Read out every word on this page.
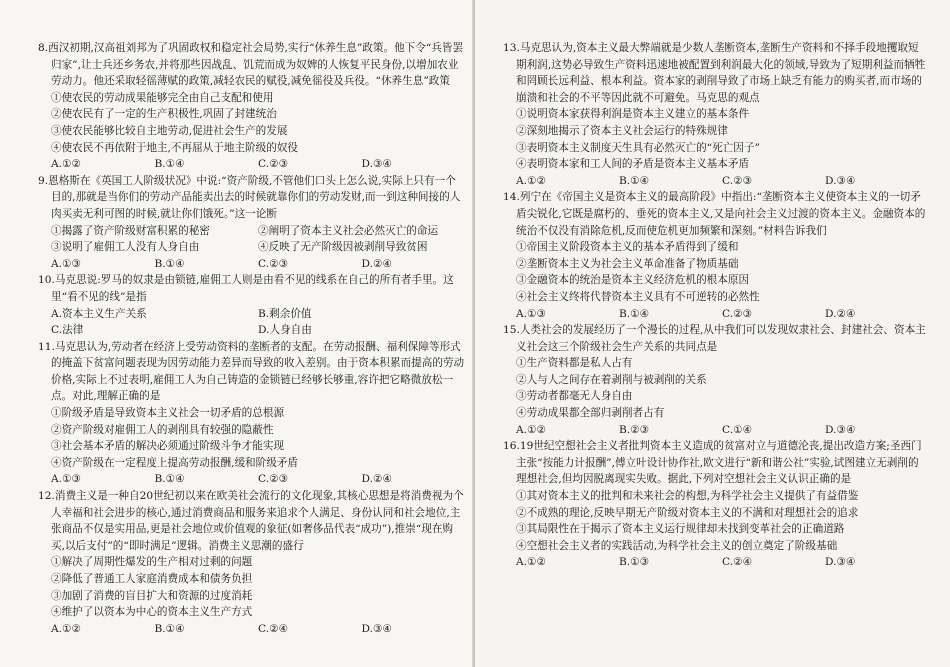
8.西汉初期,汉高祖刘邦为了巩固政权和稳定社会局势,实行“休养生息”政策。他下令“兵皆罢归家”,让士兵还乡务农,并将那些因战乱、饥荒而成为奴婢的人恢复平民身份,以增加农业劳动力。他还采取轻徭薄赋的政策,减轻农民的赋役,减免徭役及兵役。“休养生息”政策
①使农民的劳动成果能够完全由自己支配和使用
②使农民有了一定的生产积极性,巩固了封建统治
③使农民能够比较自主地劳动,促进社会生产的发展
④使农民不再依附于地主,不再屈从于地主阶级的奴役
A.①②	B.①④	C.②③	D.③④
9.恩格斯在《英国工人阶级状况》中说:“资产阶级,不管他们口头上怎么说,实际上只有一个目的,那就是当你们的劳动产品能卖出去的时候就靠你们的劳动发财,而一到这种间接的人肉买卖无利可图的时候,就让你们饿死。”这一论断
①揭露了资产阶级财富积累的秘密	②阐明了资本主义社会必然灭亡的命运
③说明了雇佣工人没有人身自由	④反映了无产阶级因被剥削导致贫困
A.①③	B.①④	C.②③	D.②④
10.马克思说:罗马的奴隶是由锁链,雇佣工人则是由看不见的线系在自己的所有者手里。这里“看不见的线”是指
A.资本主义生产关系	B.剩余价值
C.法律	D.人身自由
11.马克思认为,劳动者在经济上受劳动资料的垄断者的支配。在劳动报酬、福利保障等形式的掩盖下贫富问题表现为因劳动能力差异而导致的收入差别。由于资本积累而提高的劳动价格,实际上不过表明,雇佣工人为自己铸造的金锁链已经够长够重,容许把它略微放松一点。对此,理解正确的是
①阶级矛盾是导致资本主义社会一切矛盾的总根源
②资产阶级对雇佣工人的剥削具有较强的隐蔽性
③社会基本矛盾的解决必须通过阶级斗争才能实现
④资产阶级在一定程度上提高劳动报酬,缓和阶级矛盾
A.①③	B.①④	C.②③	D.②④
12.消费主义是一种自20世纪初以来在欧美社会流行的文化现象,其核心思想是将消费视为个人幸福和社会进步的核心,通过消费商品和服务来追求个人满足、身份认同和社会地位,主张商品不仅是实用品,更是社会地位或价值观的象征(如奢侈品代表“成功”),推崇“现在购买,以后支付”的“即时满足”逻辑。消费主义思潮的盛行
①解决了周期性爆发的生产相对过剩的问题
②降低了普通工人家庭消费成本和债务负担
③加剧了消费的盲目扩大和资源的过度消耗
④维护了以资本为中心的资本主义生产方式
A.①②	B.①④	C.②④	D.③④
13.马克思认为,资本主义最大弊端就是少数人垄断资本,垄断生产资料和不择手段地攫取短期利润,这势必导致生产资料迅速地被配置到利润最大化的领域,导致为了短期利益而牺牲和罔顾长远利益、根本利益。资本家的剥削导致了市场上缺乏有能力的购买者,而市场的崩溃和社会的不平等因此就不可避免。马克思的观点
①说明资本家获得利润是资本主义建立的基本条件
②深刻地揭示了资本主义社会运行的特殊规律
③表明资本主义制度天生具有必然灭亡的“死亡因子”
④表明资本家和工人间的矛盾是资本主义基本矛盾
A.①②	B.①④	C.②③	D.③④
14.列宁在《帝国主义是资本主义的最高阶段》中指出:“垄断资本主义使资本主义的一切矛盾尖锐化,它既是腐朽的、垂死的资本主义,又是向社会主义过渡的资本主义。金融资本的统治不仅没有消除危机,反而使危机更加频繁和深刻。”材料告诉我们
①帝国主义阶段资本主义的基本矛盾得到了缓和
②垄断资本主义为社会主义革命准备了物质基础
③金融资本的统治是资本主义经济危机的根本原因
④社会主义终将代替资本主义具有不可逆转的必然性
A.①③	B.①④	C.②③	D.②④
15.人类社会的发展经历了一个漫长的过程,从中我们可以发现奴隶社会、封建社会、资本主义社会这三个阶级社会生产关系的共同点是
①生产资料都是私人占有
②人与人之间存在着剥削与被剥削的关系
③劳动者都毫无人身自由
④劳动成果都全部归剥削者占有
A.①②	B.②③	C.①④	D.③④
16.19世纪空想社会主义者批判资本主义造成的贫富对立与道德沦丧,提出改造方案;圣西门主张“按能力计报酬”,傅立叶设计协作社,欧文进行“新和谐公社”实验,试图建立无剥削的理想社会,但均因脱离现实失败。据此,下列对空想社会主义认识正确的是
①其对资本主义的批判和未来社会的构想,为科学社会主义提供了有益借鉴
②不成熟的理论,反映早期无产阶级对资本主义的不满和对理想社会的追求
③其局限性在于揭示了资本主义运行规律却未找到变革社会的正确道路
④空想社会主义者的实践活动,为科学社会主义的创立奠定了阶级基础
A.①②	B.①③	C.②④	D.③④
